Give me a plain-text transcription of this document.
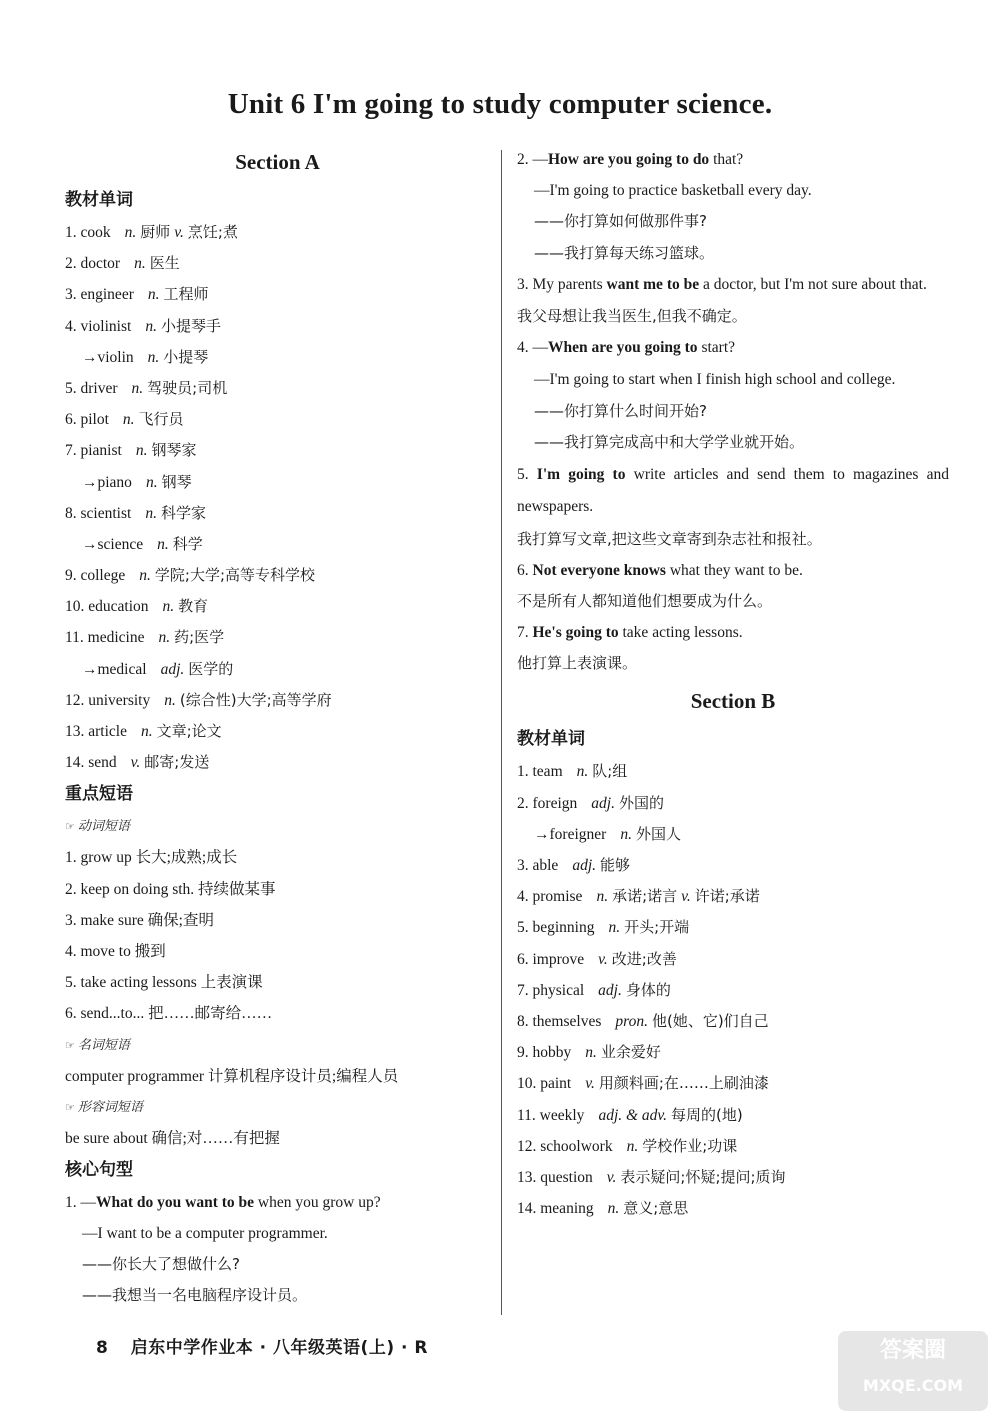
Unit 6 I'm going to study computer science.
Section A
教材单词
1. cook n. 厨师 v. 烹饪;煮
2. doctor n. 医生
3. engineer n. 工程师
4. violinist n. 小提琴手
→violin n. 小提琴
5. driver n. 驾驶员;司机
6. pilot n. 飞行员
7. pianist n. 钢琴家
→piano n. 钢琴
8. scientist n. 科学家
→science n. 科学
9. college n. 学院;大学;高等专科学校
10. education n. 教育
11. medicine n. 药;医学
→medical adj. 医学的
12. university n. (综合性)大学;高等学府
13. article n. 文章;论文
14. send v. 邮寄;发送
重点短语
☞ 动词短语
1. grow up 长大;成熟;成长
2. keep on doing sth. 持续做某事
3. make sure 确保;查明
4. move to 搬到
5. take acting lessons 上表演课
6. send...to... 把……邮寄给……
☞ 名词短语
computer programmer 计算机程序设计员;编程人员
☞ 形容词短语
be sure about 确信;对……有把握
核心句型
1. —What do you want to be when you grow up?
—I want to be a computer programmer.
——你长大了想做什么?
——我想当一名电脑程序设计员。
2. —How are you going to do that?
—I'm going to practice basketball every day.
——你打算如何做那件事?
——我打算每天练习篮球。
3. My parents want me to be a doctor, but I'm not sure about that.
我父母想让我当医生,但我不确定。
4. —When are you going to start?
—I'm going to start when I finish high school and college.
——你打算什么时间开始?
——我打算完成高中和大学学业就开始。
5. I'm going to write articles and send them to magazines and newspapers.
我打算写文章,把这些文章寄到杂志社和报社。
6. Not everyone knows what they want to be.
不是所有人都知道他们想要成为什么。
7. He's going to take acting lessons.
他打算上表演课。
Section B
教材单词
1. team n. 队;组
2. foreign adj. 外国的
→foreigner n. 外国人
3. able adj. 能够
4. promise n. 承诺;诺言 v. 许诺;承诺
5. beginning n. 开头;开端
6. improve v. 改进;改善
7. physical adj. 身体的
8. themselves pron. 他(她、它)们自己
9. hobby n. 业余爱好
10. paint v. 用颜料画;在……上刷油漆
11. weekly adj. & adv. 每周的(地)
12. schoolwork n. 学校作业;功课
13. question v. 表示疑问;怀疑;提问;质询
14. meaning n. 意义;意思
8 启东中学作业本 · 八年级英语(上) · R	答案圈
MXQE.COM
